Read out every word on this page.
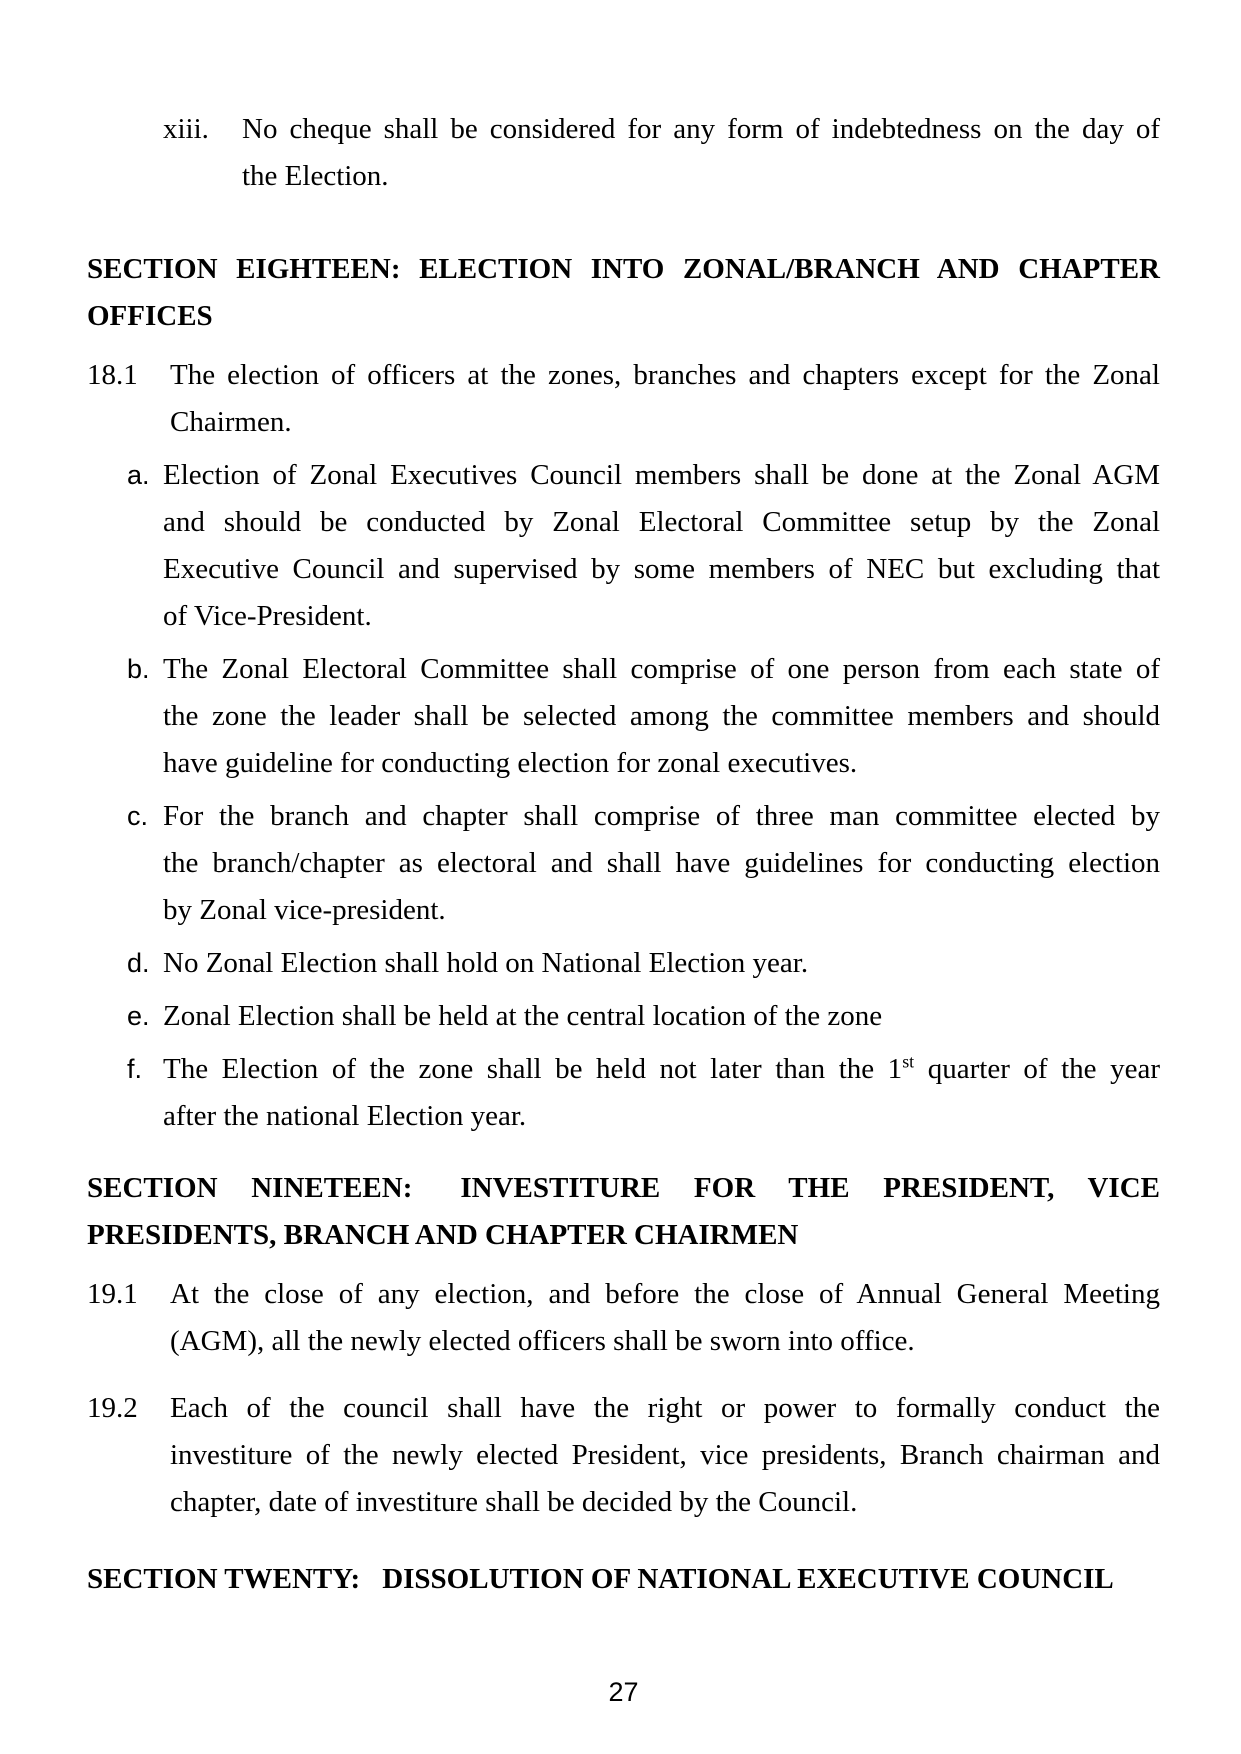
xiii.	No cheque shall be considered for any form of indebtedness on the day of
the Election.
SECTION EIGHTEEN: ELECTION INTO ZONAL/BRANCH AND CHAPTER
OFFICES
18.1	The election of officers at the zones, branches and chapters except for the Zonal
Chairmen.
a. Election of Zonal Executives Council members shall be done at the Zonal AGM
and should be conducted by Zonal Electoral Committee setup by the Zonal
Executive Council and supervised by some members of NEC but excluding that
of Vice-President.
b. The Zonal Electoral Committee shall comprise of one person from each state of
the zone the leader shall be selected among the committee members and should
have guideline for conducting election for zonal executives.
c. For the branch and chapter shall comprise of three man committee elected by
the branch/chapter as electoral and shall have guidelines for conducting election
by Zonal vice-president.
d. No Zonal Election shall hold on National Election year.
e. Zonal Election shall be held at the central location of the zone
f. The Election of the zone shall be held not later than the 1st quarter of the year
after the national Election year.
SECTION NINETEEN: INVESTITURE FOR THE PRESIDENT, VICE
PRESIDENTS, BRANCH AND CHAPTER CHAIRMEN
19.1	At the close of any election, and before the close of Annual General Meeting
(AGM), all the newly elected officers shall be sworn into office.
19.2	Each of the council shall have the right or power to formally conduct the
investiture of the newly elected President, vice presidents, Branch chairman and
chapter, date of investiture shall be decided by the Council.
SECTION TWENTY: DISSOLUTION OF NATIONAL EXECUTIVE COUNCIL
27
